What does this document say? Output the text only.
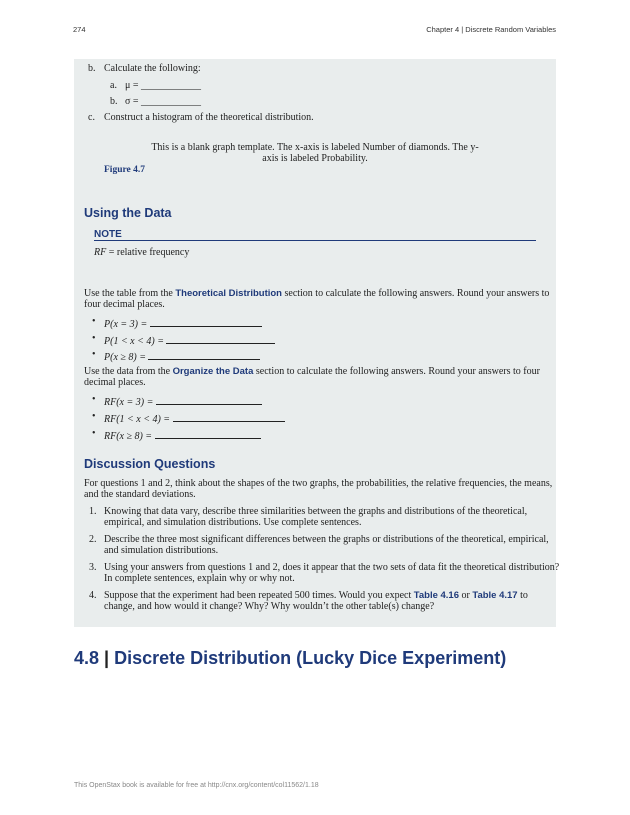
274	Chapter 4 | Discrete Random Variables
b. Calculate the following:
a. μ = ____________
b. σ = ____________
c. Construct a histogram of the theoretical distribution.
This is a blank graph template. The x-axis is labeled Number of diamonds. The y-
axis is labeled Probability.
Figure 4.7
Using the Data
NOTE
RF = relative frequency
Use the table from the Theoretical Distribution section to calculate the following answers. Round your answers to
four decimal places.
• P(x = 3) =
• P(1 < x < 4) =
• P(x ≥ 8) =
Use the data from the Organize the Data section to calculate the following answers. Round your answers to four
decimal places.
• RF(x = 3) =
• RF(1 < x < 4) =
• RF(x ≥ 8) =
Discussion Questions
For questions 1 and 2, think about the shapes of the two graphs, the probabilities, the relative frequencies, the means,
and the standard deviations.
1. Knowing that data vary, describe three similarities between the graphs and distributions of the theoretical,
empirical, and simulation distributions. Use complete sentences.
2. Describe the three most significant differences between the graphs or distributions of the theoretical, empirical,
and simulation distributions.
3. Using your answers from questions 1 and 2, does it appear that the two sets of data fit the theoretical distribution?
In complete sentences, explain why or why not.
4. Suppose that the experiment had been repeated 500 times. Would you expect Table 4.16 or Table 4.17 to
change, and how would it change? Why? Why wouldn’t the other table(s) change?
4.8 | Discrete Distribution (Lucky Dice Experiment)
This OpenStax book is available for free at http://cnx.org/content/col11562/1.18
